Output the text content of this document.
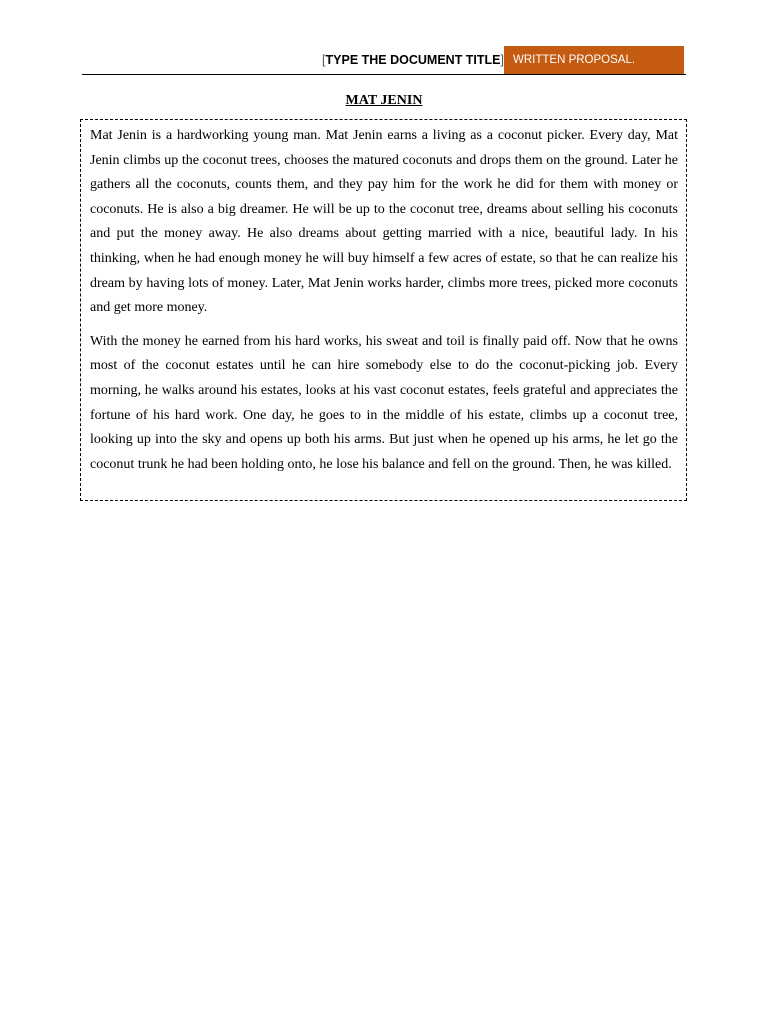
[TYPE THE DOCUMENT TITLE] WRITTEN PROPOSAL.
MAT JENIN

Mat Jenin is a hardworking young man. Mat Jenin earns a living as a coconut picker. Every day, Mat Jenin climbs up the coconut trees, chooses the matured coconuts and drops them on the ground. Later he gathers all the coconuts, counts them, and they pay him for the work he did for them with money or coconuts. He is also a big dreamer. He will be up to the coconut tree, dreams about selling his coconuts and put the money away. He also dreams about getting married with a nice, beautiful lady. In his thinking, when he had enough money he will buy himself a few acres of estate, so that he can realize his dream by having lots of money. Later, Mat Jenin works harder, climbs more trees, picked more coconuts and get more money.

With the money he earned from his hard works, his sweat and toil is finally paid off. Now that he owns most of the coconut estates until he can hire somebody else to do the coconut-picking job. Every morning, he walks around his estates, looks at his vast coconut estates, feels grateful and appreciates the fortune of his hard work. One day, he goes to in the middle of his estate, climbs up a coconut tree, looking up into the sky and opens up both his arms. But just when he opened up his arms, he let go the coconut trunk he had been holding onto, he lose his balance and fell on the ground. Then, he was killed.
